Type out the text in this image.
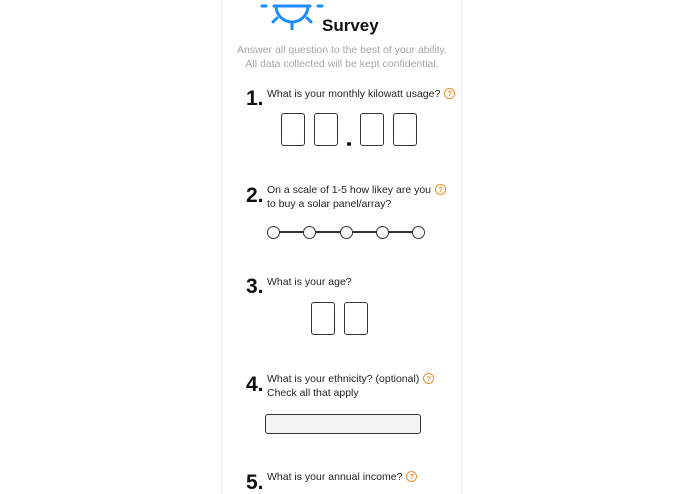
Survey
Answer all question to the best of your ability.
All data collected will be kept confidential.
1. What is your monthly kilowatt usage? ?
2. On a scale of 1-5 how likey are you ?
to buy a solar panel/array?
3. What is your age?
4. What is your ethnicity? (optional) ?
Check all that apply
5. What is your annual income? ?
